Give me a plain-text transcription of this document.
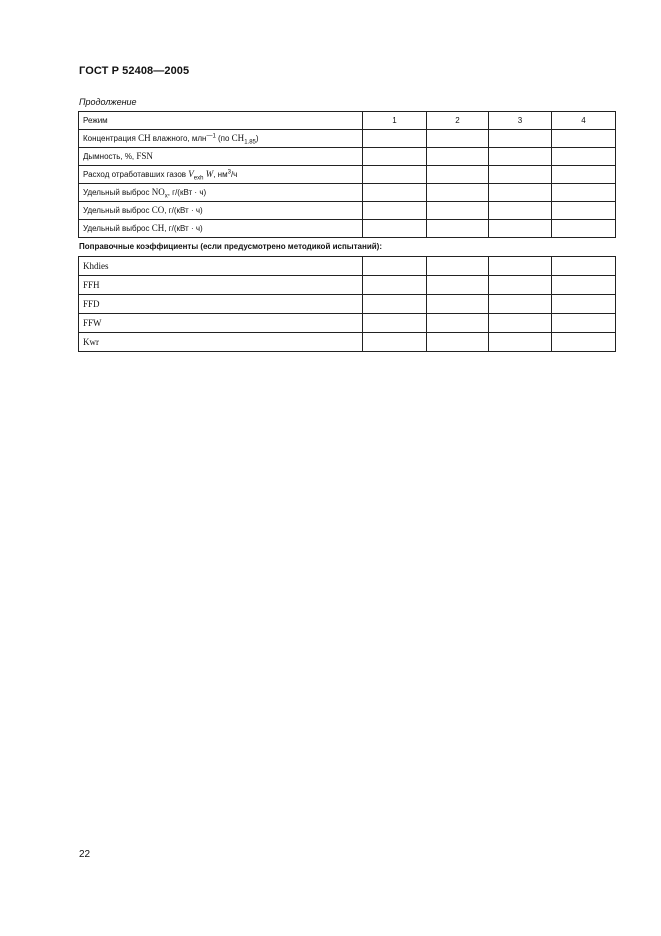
ГОСТ Р 52408—2005
Продолжение
Режим	1	2	3	4
Концентрация CH влажного, млн$^{—1}$ (по $CH_{1.85}$)				
Дымность, %, FSN				
Расход отработавших газов $V_{exh}$ W, $нм^3/ч$				
Удельный выброс $NO_x$, г/(кВт · ч)				
Удельный выброс CO, г/(кВт · ч)				
Удельный выброс CH, г/(кВт · ч)				
Поправочные коэффициенты (если предусмотрено методикой испытаний):
Khdies				
FFH				
FFD				
FFW				
Kwr				
22
